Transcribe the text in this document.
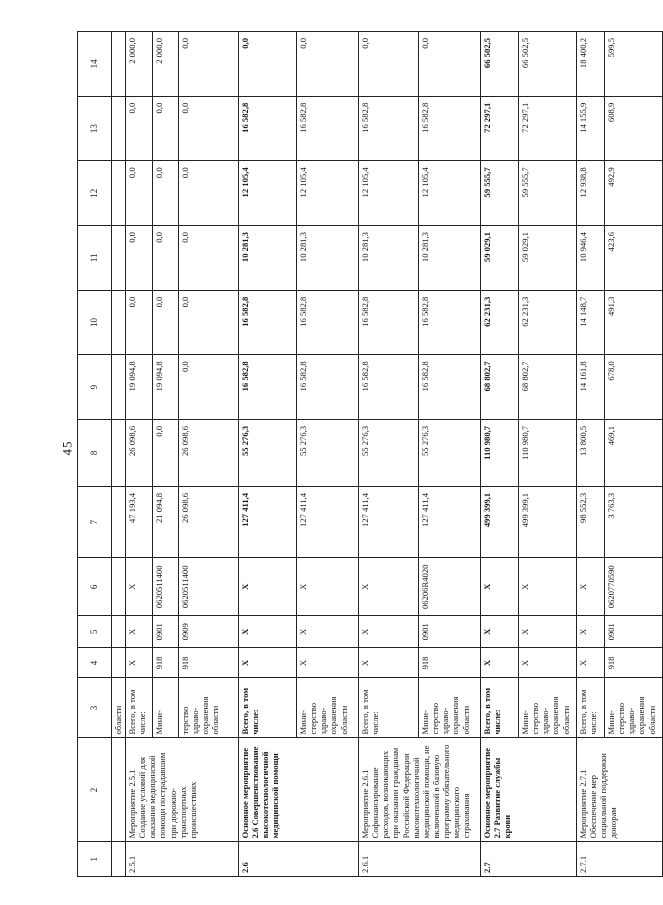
45
1	2	3	4	5	6	7	8	9	10	11	12	13	14
		области											
2.5.1	Мероприятие 2.5.1 Создание условий для оказания медицинской помощи пострадавшим при дорожно-транспортных происшествиях	Всего, в том числе:	X	X	X	47 193,4	26 098,6	19 094,8	0,0	0,0	0,0	0,0	2 000,0
		Мини-	918	0901	0620511400	21 094,8	0,0	19 094,8	0,0	0,0	0,0	0,0	2 000,0
		терство здраво-охранения области	918	0909	0620511400	26 098,6	26 098,6	0,0	0,0	0,0	0,0	0,0	0,0
2.6	Основное мероприятие 2.6 Совершенствование высокотехнологичной медицинской помощи	Всего, в том числе:	X	X	X	127 411,4	55 276,3	16 582,8	16 582,8	10 281,3	12 105,4	16 582,8	0,0
		Мини-стерство здраво-охранения области	X	X	X	127 411,4	55 276,3	16 582,8	16 582,8	10 281,3	12 105,4	16 582,8	0,0
2.6.1	Мероприятие 2.6.1 Софинансирование расходов, возникающих при оказании гражданам Российской Федерации высокотехнологичной медицинской помощи, не включенной в базовую программу обязательного медицинского страхования	Всего, в том числе:	X	X	X	127 411,4	55 276,3	16 582,8	16 582,8	10 281,3	12 105,4	16 582,8	0,0
		Мини-стерство здраво-охранения области	918	0901	06206R4020	127 411,4	55 276,3	16 582,8	16 582,8	10 281,3	12 105,4	16 582,8	0,0
2.7	Основное мероприятие 2.7 Развитие службы крови	Всего, в том числе:	X	X	X	499 399,1	110 980,7	68 802,7	62 231,3	59 029,1	59 555,7	72 297,1	66 502,5
		Мини-стерство здраво-охранения области	X	X	X	499 399,1	110 980,7	68 802,7	62 231,3	59 029,1	59 555,7	72 297,1	66 502,5
2.7.1	Мероприятие 2.7.1 Обеспечение мер социальной поддержки донорам	Всего, в том числе:	X	X	X	98 552,3	13 800,5	14 161,8	14 148,7	10 946,4	12 938,8	14 155,9	18 400,2
		Мини-стерство здраво-охранения области	918	0901	0620770590	3 763,3	469,1	678,0	491,3	423,6	492,9	608,9	599,5
